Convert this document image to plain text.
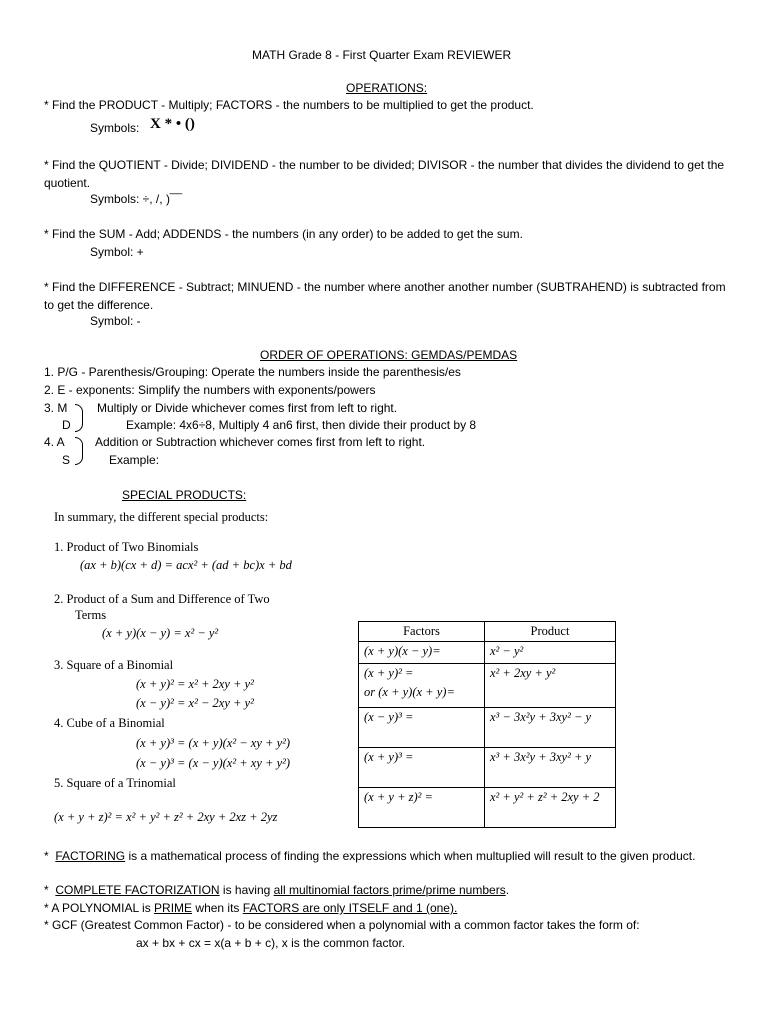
MATH Grade 8 - First Quarter Exam REVIEWER
OPERATIONS:
* Find the PRODUCT - Multiply; FACTORS - the numbers to be multiplied to get the product.
Symbols: X * • ()
* Find the QUOTIENT - Divide; DIVIDEND - the number to be divided; DIVISOR - the number that divides the dividend to get the quotient.
Symbols: ÷, /, )‾‾‾
* Find the SUM - Add; ADDENDS - the numbers (in any order) to be added to get the sum.
Symbol: +
* Find the DIFFERENCE - Subtract; MINUEND - the number where another another number (SUBTRAHEND) is subtracted from to get the difference.
Symbol: -
ORDER OF OPERATIONS: GEMDAS/PEMDAS
1. P/G - Parenthesis/Grouping: Operate the numbers inside the parenthesis/es
2. E - exponents: Simplify the numbers with exponents/powers
3. M Multiply or Divide whichever comes first from left to right.
D	Example: 4x6÷8, Multiply 4 an6 first, then divide their product by 8
4. A	Addition or Subtraction whichever comes first from left to right.
S	Example:
SPECIAL PRODUCTS:
In summary, the different special products:
1. Product of Two Binomials
(ax + b)(cx + d) = acx² + (ad + bc)x + bd
2. Product of a Sum and Difference of Two
Terms
(x + y)(x − y) = x² − y²
3. Square of a Binomial
(x + y)² = x² + 2xy + y²
(x − y)² = x² − 2xy + y²
4. Cube of a Binomial
(x + y)³ = (x + y)(x² − xy + y²)
(x − y)³ = (x − y)(x² + xy + y²)
5. Square of a Trinomial
(x + y + z)² = x² + y² + z² + 2xy + 2xz + 2yz
Factors	Product

(x + y)(x − y)=	x² − y²

(x + y)² =
or (x + y)(x + y)=	x² + 2xy + y²

(x − y)³ =	x³ − 3x²y + 3xy² − y

(x + y)³ =	x³ + 3x²y + 3xy² + y

(x + y + z)² =	x² + y² + z² + 2xy + 2
* FACTORING is a mathematical process of finding the expressions which when multuplied will result to the given product.
* COMPLETE FACTORIZATION is having all multinomial factors prime/prime numbers.
* A POLYNOMIAL is PRIME when its FACTORS are only ITSELF and 1 (one).
* GCF (Greatest Common Factor) - to be considered when a polynomial with a common factor takes the form of:
ax + bx + cx = x(a + b + c), x is the common factor.
